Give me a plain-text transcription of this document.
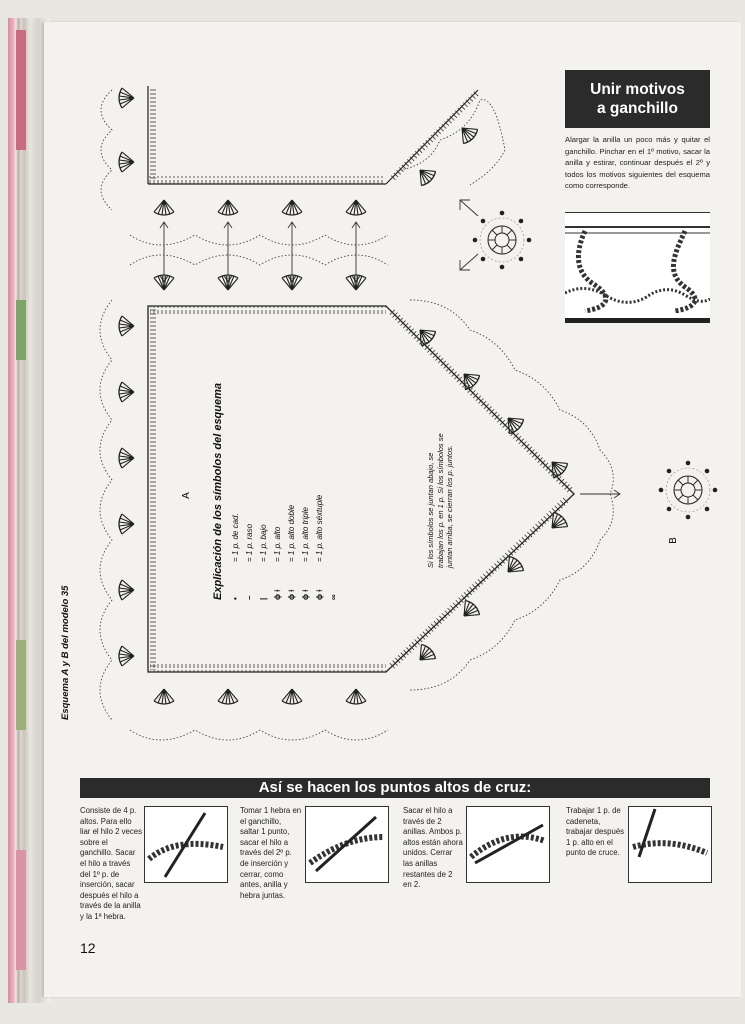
Unir motivos
a ganchillo
Alargar la anilla un poco más y quitar el ganchillo. Pinchar en el 1º motivo, sacar la anilla y estirar, continuar después el 2º y todos los motivos siguientes del esquema como corresponde.
A
B
Esquema A y B del modelo 35
Explicación de los símbolos del esquema •= 1 p. de cad.
–= 1 p. raso
|= 1 p. bajo
ɸ ⟊= 1 p. alto
ɸ ⟊= 1 p. alto doble
ɸ ⟊= 1 p. alto triple
ɸ ⟊= 1 p. alto séxtuple
∞
Si los símbolos se juntan abajo, se trabajan los p. en 1 p. Si los símbolos se juntan arriba, se cierran los p. juntos.
Así se hacen los puntos altos de cruz:
Consiste de 4 p. altos. Para ello liar el hilo 2 veces sobre el ganchillo. Sacar el hilo a través del 1º p. de inserción, sacar después el hilo a través de la anilla y la 1ª hebra.
Tomar 1 hebra en el ganchillo, saltar 1 punto, sacar el hilo a través del 2º p. de inserción y cerrar, como antes, anilla y hebra juntas.
Sacar el hilo a través de 2 anillas. Ambos p. altos están ahora unidos. Cerrar las anillas restantes de 2 en 2.
Trabajar 1 p. de cadeneta, trabajar después 1 p. alto en el punto de cruce.
12
